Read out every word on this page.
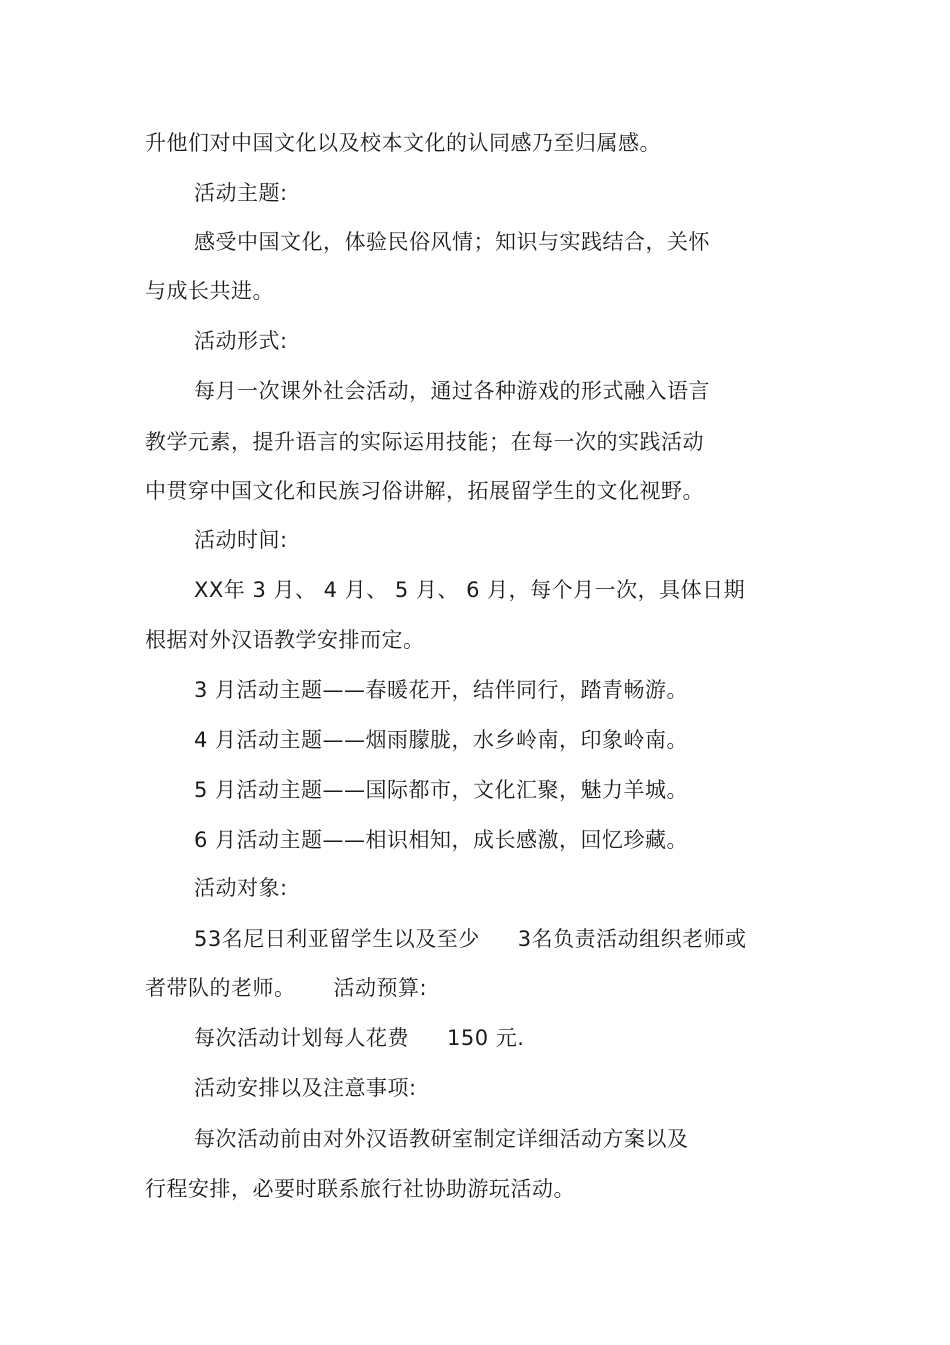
升他们对中国文化以及校本文化的认同感乃至归属感。

活动主题:

感受中国文化，体验民俗风情；知识与实践结合，关怀

与成长共进。

活动形式:

每月一次课外社会活动，通过各种游戏的形式融入语言

教学元素，提升语言的实际运用技能；在每一次的实践活动

中贯穿中国文化和民族习俗讲解，拓展留学生的文化视野。

活动时间:

XX年 3 月、 4 月、 5 月、 6 月，每个月一次，具体日期

根据对外汉语教学安排而定。

3 月活动主题——春暖花开，结伴同行，踏青畅游。

4 月活动主题——烟雨朦胧，水乡岭南，印象岭南。

5 月活动主题——国际都市，文化汇聚，魅力羊城。

6 月活动主题——相识相知，成长感激，回忆珍藏。

活动对象:

53名尼日利亚留学生以及至少 3名负责活动组织老师或

者带队的老师。 活动预算:

每次活动计划每人花费 150 元.

活动安排以及注意事项:

每次活动前由对外汉语教研室制定详细活动方案以及

行程安排，必要时联系旅行社协助游玩活动。
